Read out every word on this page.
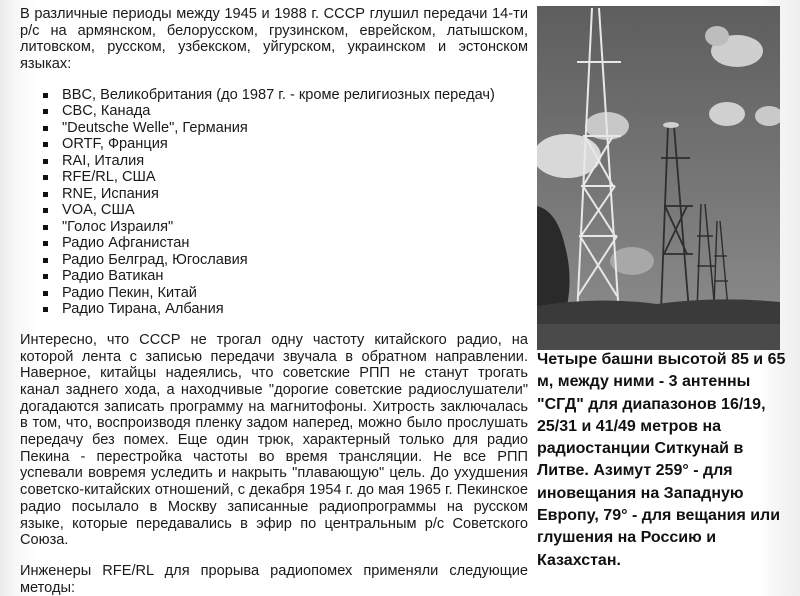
В различные периоды между 1945 и 1988 г. СССР глушил передачи 14-ти р/с на армянском, белорусском, грузинском, еврейском, латышском, литовском, русском, узбекском, уйгурском, украинском и эстонском языках:

BBC, Великобритания (до 1987 г. - кроме религиозных передач)
CBC, Канада
"Deutsche Welle", Германия
ORTF, Франция
RAI, Италия
RFE/RL, США
RNE, Испания
VOA, США
"Голос Израиля"
Радио Афганистан
Радио Белград, Югославия
Радио Ватикан
Радио Пекин, Китай
Радио Тирана, Албания

Интересно, что СССР не трогал одну частоту китайского радио, на которой лента с записью передачи звучала в обратном направлении. Наверное, китайцы надеялись, что советские РПП не станут трогать канал заднего хода, а находчивые "дорогие советские радиослушатели" догадаются записать программу на магнитофоны. Хитрость заключалась в том, что, воспроизводя пленку задом наперед, можно было прослушать передачу без помех. Еще один трюк, характерный только для радио Пекина - перестройка частоты во время трансляции. Не все РПП успевали вовремя уследить и накрыть "плавающую" цель. До ухудшения советско-китайских отношений, с декабря 1954 г. до мая 1965 г. Пекинское радио посылало в Москву записанные радиопрограммы на русском языке, которые передавались в эфир по центральным р/с Советского Союза.

Инженеры RFE/RL для прорыва радиопомех применяли следующие методы:

Четыре башни высотой 85 и 65 м, между ними - 3 антенны "СГД" для диапазонов 16/19, 25/31 и 41/49 метров на радиостанции Ситкунай в Литве. Азимут 259° - для иновещания на Западную Европу, 79° - для вещания или глушения на Россию и Казахстан.
